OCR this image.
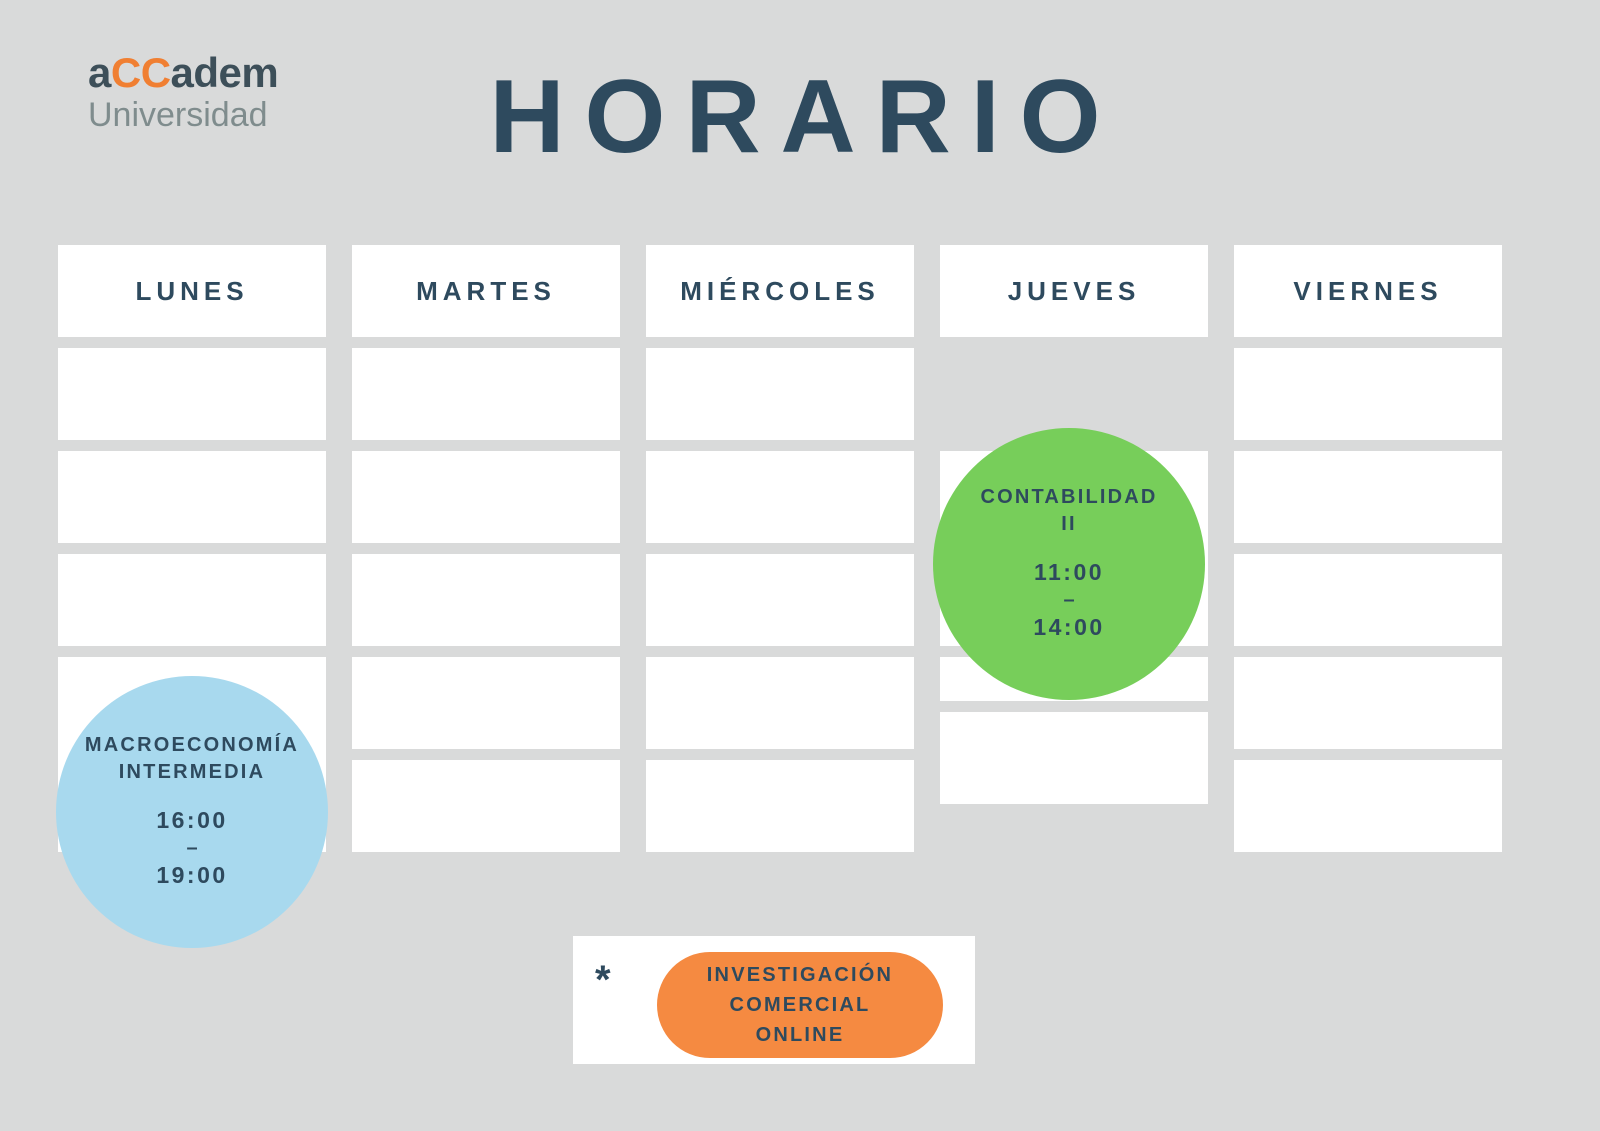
aCCadem
Universidad	HORARIO
LUNES	MARTES	MIÉRCOLES	JUEVES	VIERNES
CONTABILIDAD
II
11:00
–
14:00
MACROECONOMÍA
INTERMEDIA
16:00
–
19:00
*	INVESTIGACIÓN
COMERCIAL
ONLINE
